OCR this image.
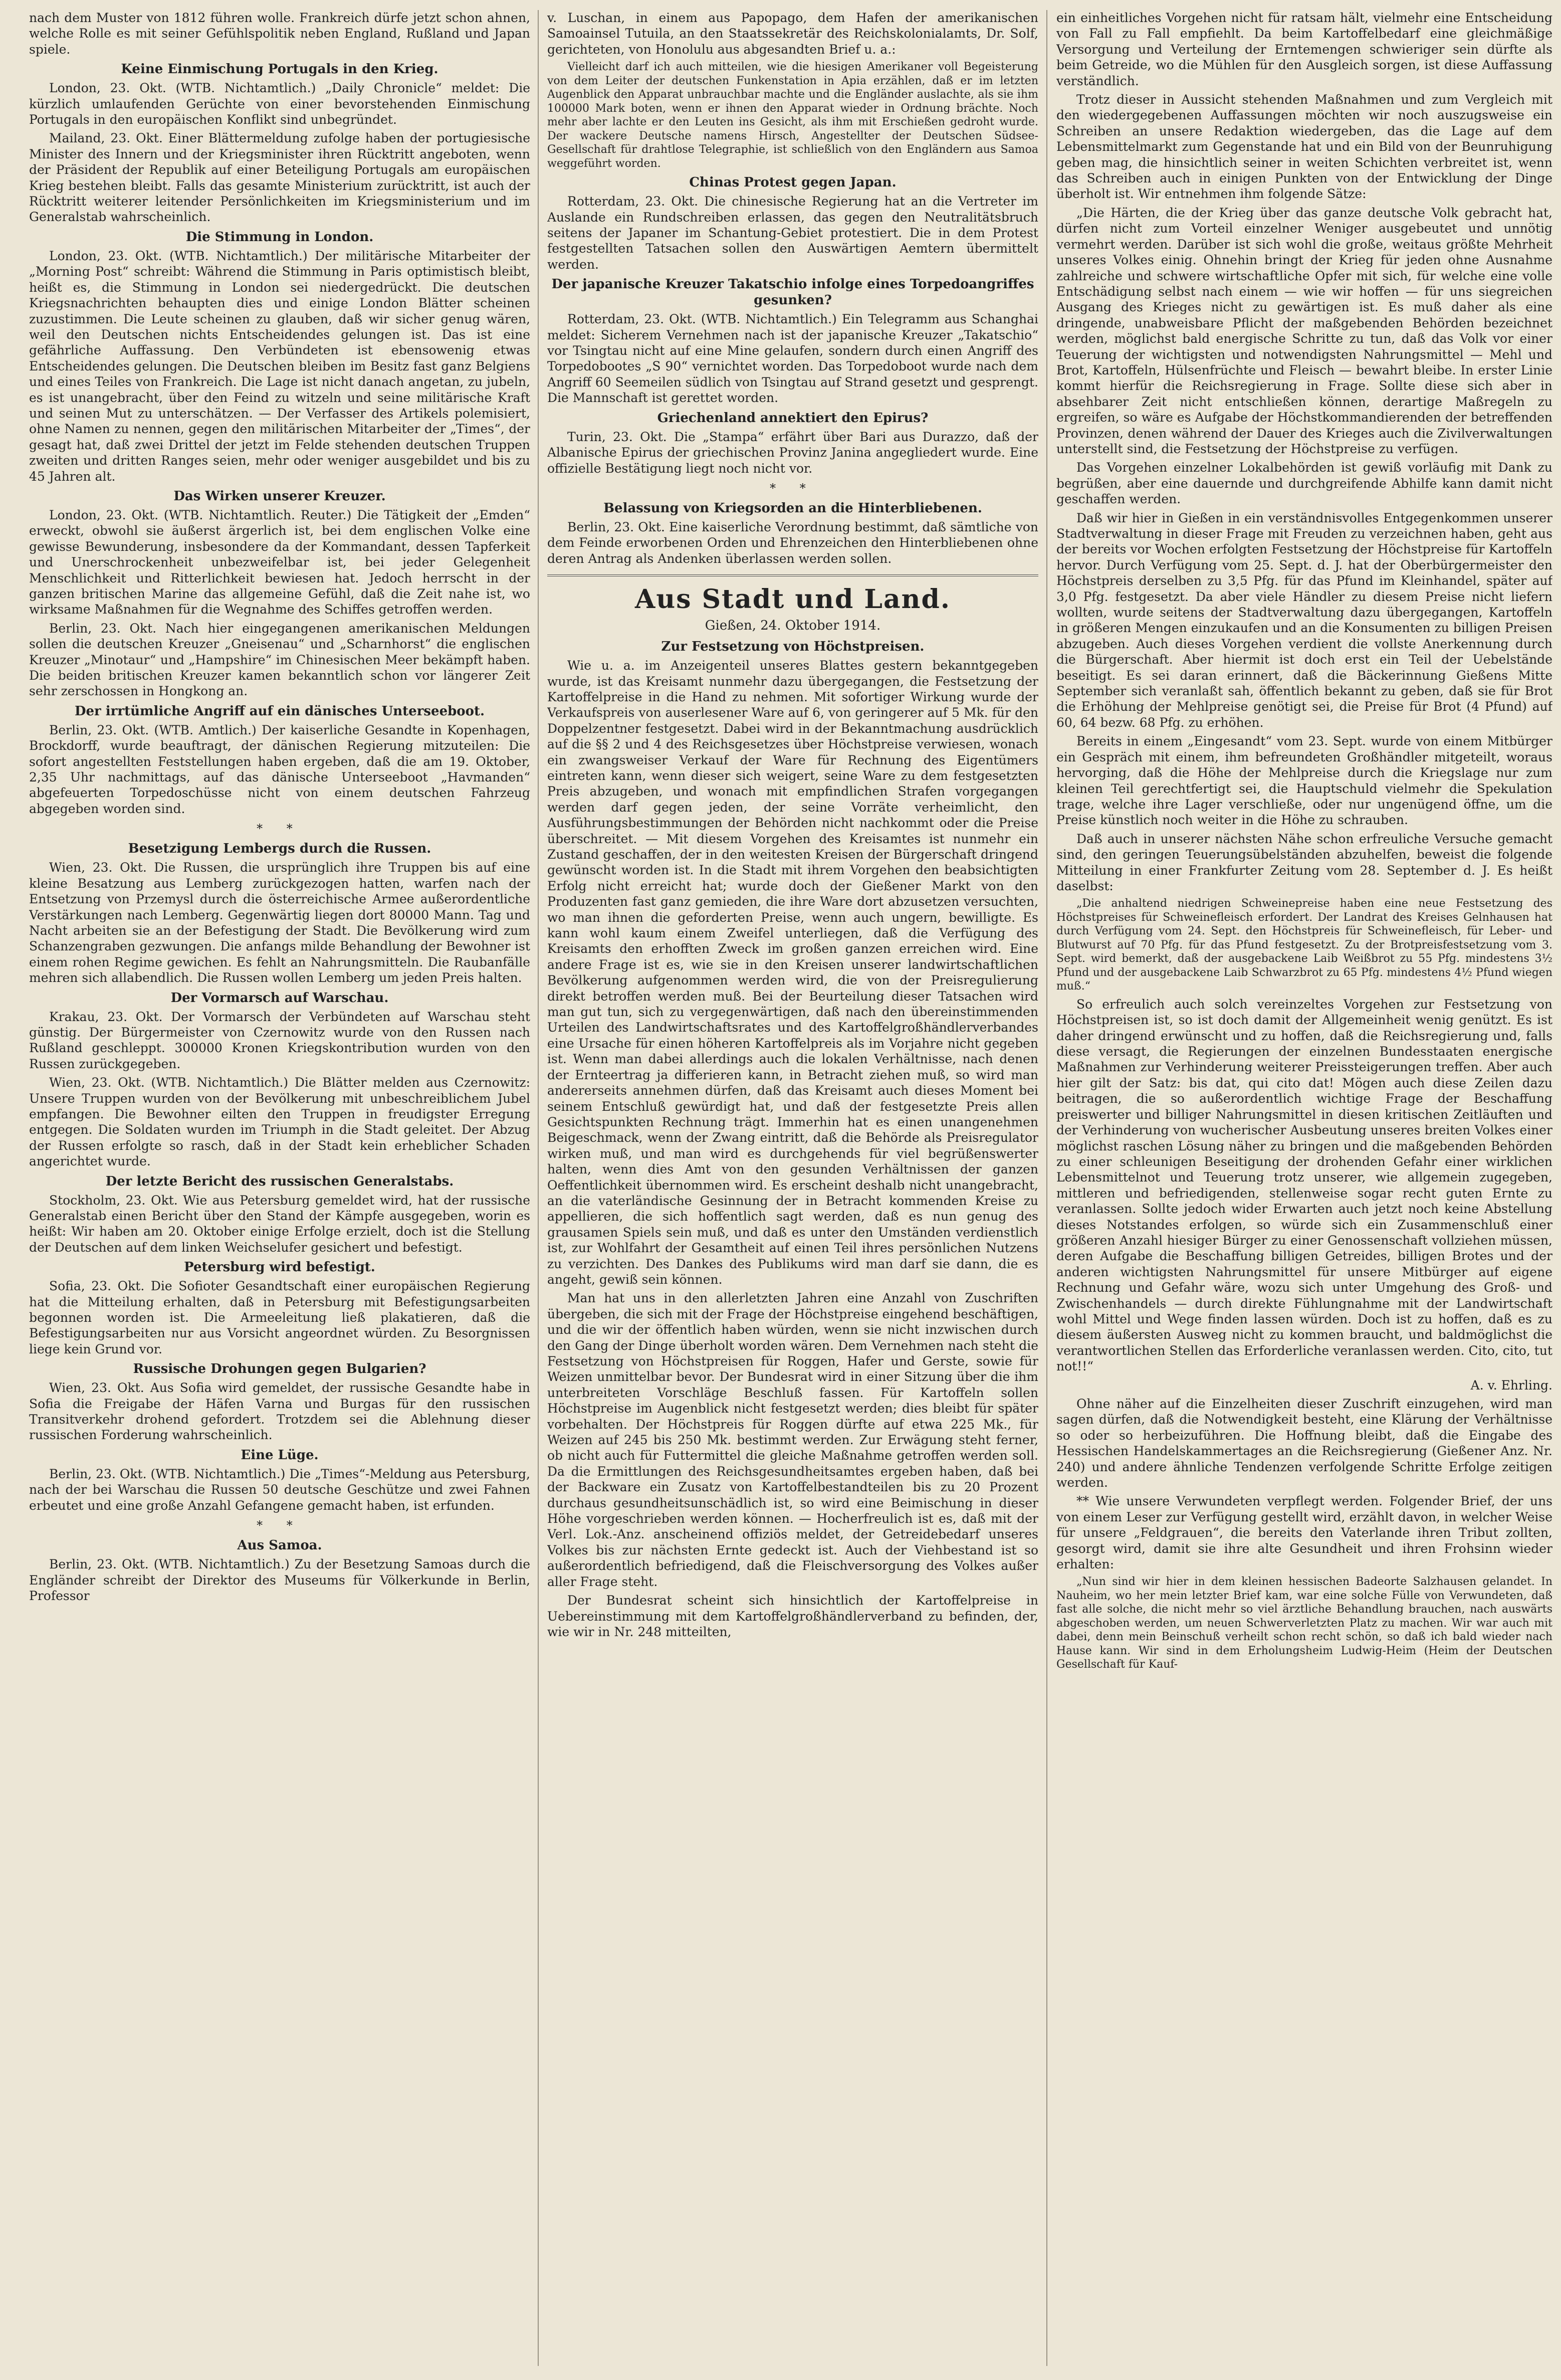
nach dem Muster von 1812 führen wolle. Frankreich dürfe jetzt schon ahnen, welche Rolle es mit seiner Gefühlspolitik neben England, Rußland und Japan spiele.

Keine Einmischung Portugals in den Krieg.

London, 23. Okt. (WTB. Nichtamtlich.) „Daily Chronicle“ meldet: Die kürzlich umlaufenden Gerüchte von einer bevorstehenden Einmischung Portugals in den europäischen Konflikt sind unbegründet.

Mailand, 23. Okt. Einer Blättermeldung zufolge haben der portugiesische Minister des Innern und der Kriegsminister ihren Rücktritt angeboten, wenn der Präsident der Republik auf einer Beteiligung Portugals am europäischen Krieg bestehen bleibt. Falls das gesamte Ministerium zurücktritt, ist auch der Rücktritt weiterer leitender Persönlichkeiten im Kriegsministerium und im Generalstab wahrscheinlich.

Die Stimmung in London.

London, 23. Okt. (WTB. Nichtamtlich.) Der militärische Mitarbeiter der „Morning Post“ schreibt: Während die Stimmung in Paris optimistisch bleibt, heißt es, die Stimmung in London sei niedergedrückt. Die deutschen Kriegsnachrichten behaupten dies und einige London Blätter scheinen zuzustimmen. Die Leute scheinen zu glauben, daß wir sicher genug wären, weil den Deutschen nichts Entscheidendes gelungen ist. Das ist eine gefährliche Auffassung. Den Verbündeten ist ebensowenig etwas Entscheidendes gelungen. Die Deutschen bleiben im Besitz fast ganz Belgiens und eines Teiles von Frankreich. Die Lage ist nicht danach angetan, zu jubeln, es ist unangebracht, über den Feind zu witzeln und seine militärische Kraft und seinen Mut zu unterschätzen. — Der Verfasser des Artikels polemisiert, ohne Namen zu nennen, gegen den militärischen Mitarbeiter der „Times“, der gesagt hat, daß zwei Drittel der jetzt im Felde stehenden deutschen Truppen zweiten und dritten Ranges seien, mehr oder weniger ausgebildet und bis zu 45 Jahren alt.

Das Wirken unserer Kreuzer.

London, 23. Okt. (WTB. Nichtamtlich. Reuter.) Die Tätigkeit der „Emden“ erweckt, obwohl sie äußerst ärgerlich ist, bei dem englischen Volke eine gewisse Bewunderung, insbesondere da der Kommandant, dessen Tapferkeit und Unerschrockenheit unbezweifelbar ist, bei jeder Gelegenheit Menschlichkeit und Ritterlichkeit bewiesen hat. Jedoch herrscht in der ganzen britischen Marine das allgemeine Gefühl, daß die Zeit nahe ist, wo wirksame Maßnahmen für die Wegnahme des Schiffes getroffen werden.

Berlin, 23. Okt. Nach hier eingegangenen amerikanischen Meldungen sollen die deutschen Kreuzer „Gneisenau“ und „Scharnhorst“ die englischen Kreuzer „Minotaur“ und „Hampshire“ im Chinesischen Meer bekämpft haben. Die beiden britischen Kreuzer kamen bekanntlich schon vor längerer Zeit sehr zerschossen in Hongkong an.

Der irrtümliche Angriff auf ein dänisches Unterseeboot.

Berlin, 23. Okt. (WTB. Amtlich.) Der kaiserliche Gesandte in Kopenhagen, Brockdorff, wurde beauftragt, der dänischen Regierung mitzuteilen: Die sofort angestellten Feststellungen haben ergeben, daß die am 19. Oktober, 2,35 Uhr nachmittags, auf das dänische Unterseeboot „Havmanden“ abgefeuerten Torpedoschüsse nicht von einem deutschen Fahrzeug abgegeben worden sind.

* *
Besetzigung Lembergs durch die Russen.

Wien, 23. Okt. Die Russen, die ursprünglich ihre Truppen bis auf eine kleine Besatzung aus Lemberg zurückgezogen hatten, warfen nach der Entsetzung von Przemysl durch die österreichische Armee außerordentliche Verstärkungen nach Lemberg. Gegenwärtig liegen dort 80000 Mann. Tag und Nacht arbeiten sie an der Befestigung der Stadt. Die Bevölkerung wird zum Schanzengraben gezwungen. Die anfangs milde Behandlung der Bewohner ist einem rohen Regime gewichen. Es fehlt an Nahrungsmitteln. Die Raubanfälle mehren sich allabendlich. Die Russen wollen Lemberg um jeden Preis halten.

Der Vormarsch auf Warschau.

Krakau, 23. Okt. Der Vormarsch der Verbündeten auf Warschau steht günstig. Der Bürgermeister von Czernowitz wurde von den Russen nach Rußland geschleppt. 300000 Kronen Kriegskontribution wurden von den Russen zurückgegeben.

Wien, 23. Okt. (WTB. Nichtamtlich.) Die Blätter melden aus Czernowitz: Unsere Truppen wurden von der Bevölkerung mit unbeschreiblichem Jubel empfangen. Die Bewohner eilten den Truppen in freudigster Erregung entgegen. Die Soldaten wurden im Triumph in die Stadt geleitet. Der Abzug der Russen erfolgte so rasch, daß in der Stadt kein erheblicher Schaden angerichtet wurde.

Der letzte Bericht des russischen Generalstabs.

Stockholm, 23. Okt. Wie aus Petersburg gemeldet wird, hat der russische Generalstab einen Bericht über den Stand der Kämpfe ausgegeben, worin es heißt: Wir haben am 20. Oktober einige Erfolge erzielt, doch ist die Stellung der Deutschen auf dem linken Weichselufer gesichert und befestigt.

Petersburg wird befestigt.

Sofia, 23. Okt. Die Sofioter Gesandtschaft einer europäischen Regierung hat die Mitteilung erhalten, daß in Petersburg mit Befestigungsarbeiten begonnen worden ist. Die Armeeleitung ließ plakatieren, daß die Befestigungsarbeiten nur aus Vorsicht angeordnet würden. Zu Besorgnissen liege kein Grund vor.

Russische Drohungen gegen Bulgarien?

Wien, 23. Okt. Aus Sofia wird gemeldet, der russische Gesandte habe in Sofia die Freigabe der Häfen Varna und Burgas für den russischen Transitverkehr drohend gefordert. Trotzdem sei die Ablehnung dieser russischen Forderung wahrscheinlich.

Eine Lüge.

Berlin, 23. Okt. (WTB. Nichtamtlich.) Die „Times“-Meldung aus Petersburg, nach der bei Warschau die Russen 50 deutsche Geschütze und zwei Fahnen erbeutet und eine große Anzahl Gefangene gemacht haben, ist erfunden.

* *
Aus Samoa.

Berlin, 23. Okt. (WTB. Nichtamtlich.) Zu der Besetzung Samoas durch die Engländer schreibt der Direktor des Museums für Völkerkunde in Berlin, Professor

v. Luschan, in einem aus Papopago, dem Hafen der amerikanischen Samoainsel Tutuila, an den Staatssekretär des Reichskolonialamts, Dr. Solf, gerichteten, von Honolulu aus abgesandten Brief u. a.:

Vielleicht darf ich auch mitteilen, wie die hiesigen Amerikaner voll Begeisterung von dem Leiter der deutschen Funkenstation in Apia erzählen, daß er im letzten Augenblick den Apparat unbrauchbar machte und die Engländer auslachte, als sie ihm 100000 Mark boten, wenn er ihnen den Apparat wieder in Ordnung brächte. Noch mehr aber lachte er den Leuten ins Gesicht, als ihm mit Erschießen gedroht wurde. Der wackere Deutsche namens Hirsch, Angestellter der Deutschen Südsee-Gesellschaft für drahtlose Telegraphie, ist schließlich von den Engländern aus Samoa weggeführt worden.

Chinas Protest gegen Japan.

Rotterdam, 23. Okt. Die chinesische Regierung hat an die Vertreter im Auslande ein Rundschreiben erlassen, das gegen den Neutralitätsbruch seitens der Japaner im Schantung-Gebiet protestiert. Die in dem Protest festgestellten Tatsachen sollen den Auswärtigen Aemtern übermittelt werden.

Der japanische Kreuzer Takatschio infolge eines Torpedoangriffes gesunken?

Rotterdam, 23. Okt. (WTB. Nichtamtlich.) Ein Telegramm aus Schanghai meldet: Sicherem Vernehmen nach ist der japanische Kreuzer „Takatschio“ vor Tsingtau nicht auf eine Mine gelaufen, sondern durch einen Angriff des Torpedobootes „S 90“ vernichtet worden. Das Torpedoboot wurde nach dem Angriff 60 Seemeilen südlich von Tsingtau auf Strand gesetzt und gesprengt. Die Mannschaft ist gerettet worden.

Griechenland annektiert den Epirus?

Turin, 23. Okt. Die „Stampa“ erfährt über Bari aus Durazzo, daß der Albanische Epirus der griechischen Provinz Janina angegliedert wurde. Eine offizielle Bestätigung liegt noch nicht vor.

* *
Belassung von Kriegsorden an die Hinterbliebenen.

Berlin, 23. Okt. Eine kaiserliche Verordnung bestimmt, daß sämtliche von dem Feinde erworbenen Orden und Ehrenzeichen den Hinterbliebenen ohne deren Antrag als Andenken überlassen werden sollen.

Aus Stadt und Land.
Gießen, 24. Oktober 1914.
Zur Festsetzung von Höchstpreisen.

Wie u. a. im Anzeigenteil unseres Blattes gestern bekanntgegeben wurde, ist das Kreisamt nunmehr dazu übergegangen, die Festsetzung der Kartoffelpreise in die Hand zu nehmen. Mit sofortiger Wirkung wurde der Verkaufspreis von auserlesener Ware auf 6, von geringerer auf 5 Mk. für den Doppelzentner festgesetzt. Dabei wird in der Bekanntmachung ausdrücklich auf die §§ 2 und 4 des Reichsgesetzes über Höchstpreise verwiesen, wonach ein zwangsweiser Verkauf der Ware für Rechnung des Eigentümers eintreten kann, wenn dieser sich weigert, seine Ware zu dem festgesetzten Preis abzugeben, und wonach mit empfindlichen Strafen vorgegangen werden darf gegen jeden, der seine Vorräte verheimlicht, den Ausführungsbestimmungen der Behörden nicht nachkommt oder die Preise überschreitet. — Mit diesem Vorgehen des Kreisamtes ist nunmehr ein Zustand geschaffen, der in den weitesten Kreisen der Bürgerschaft dringend gewünscht worden ist. In die Stadt mit ihrem Vorgehen den beabsichtigten Erfolg nicht erreicht hat; wurde doch der Gießener Markt von den Produzenten fast ganz gemieden, die ihre Ware dort abzusetzen versuchten, wo man ihnen die geforderten Preise, wenn auch ungern, bewilligte. Es kann wohl kaum einem Zweifel unterliegen, daß die Verfügung des Kreisamts den erhofften Zweck im großen ganzen erreichen wird. Eine andere Frage ist es, wie sie in den Kreisen unserer landwirtschaftlichen Bevölkerung aufgenommen werden wird, die von der Preisregulierung direkt betroffen werden muß. Bei der Beurteilung dieser Tatsachen wird man gut tun, sich zu vergegenwärtigen, daß nach den übereinstimmenden Urteilen des Landwirtschaftsrates und des Kartoffelgroßhändlerverbandes eine Ursache für einen höheren Kartoffelpreis als im Vorjahre nicht gegeben ist. Wenn man dabei allerdings auch die lokalen Verhältnisse, nach denen der Ernteertrag ja differieren kann, in Betracht ziehen muß, so wird man andererseits annehmen dürfen, daß das Kreisamt auch dieses Moment bei seinem Entschluß gewürdigt hat, und daß der festgesetzte Preis allen Gesichtspunkten Rechnung trägt. Immerhin hat es einen unangenehmen Beigeschmack, wenn der Zwang eintritt, daß die Behörde als Preisregulator wirken muß, und man wird es durchgehends für viel begrüßenswerter halten, wenn dies Amt von den gesunden Verhältnissen der ganzen Oeffentlichkeit übernommen wird. Es erscheint deshalb nicht unangebracht, an die vaterländische Gesinnung der in Betracht kommenden Kreise zu appellieren, die sich hoffentlich sagt werden, daß es nun genug des grausamen Spiels sein muß, und daß es unter den Umständen verdienstlich ist, zur Wohlfahrt der Gesamtheit auf einen Teil ihres persönlichen Nutzens zu verzichten. Des Dankes des Publikums wird man darf sie dann, die es angeht, gewiß sein können.

Man hat uns in den allerletzten Jahren eine Anzahl von Zuschriften übergeben, die sich mit der Frage der Höchstpreise eingehend beschäftigen, und die wir der öffentlich haben würden, wenn sie nicht inzwischen durch den Gang der Dinge überholt worden wären. Dem Vernehmen nach steht die Festsetzung von Höchstpreisen für Roggen, Hafer und Gerste, sowie für Weizen unmittelbar bevor. Der Bundesrat wird in einer Sitzung über die ihm unterbreiteten Vorschläge Beschluß fassen. Für Kartoffeln sollen Höchstpreise im Augenblick nicht festgesetzt werden; dies bleibt für später vorbehalten. Der Höchstpreis für Roggen dürfte auf etwa 225 Mk., für Weizen auf 245 bis 250 Mk. bestimmt werden. Zur Erwägung steht ferner, ob nicht auch für Futtermittel die gleiche Maßnahme getroffen werden soll. Da die Ermittlungen des Reichsgesundheitsamtes ergeben haben, daß bei der Backware ein Zusatz von Kartoffelbestandteilen bis zu 20 Prozent durchaus gesundheitsunschädlich ist, so wird eine Beimischung in dieser Höhe vorgeschrieben werden können. — Hocherfreulich ist es, daß mit der Verl. Lok.-Anz. anscheinend offiziös meldet, der Getreidebedarf unseres Volkes bis zur nächsten Ernte gedeckt ist. Auch der Viehbestand ist so außerordentlich befriedigend, daß die Fleischversorgung des Volkes außer aller Frage steht.

Der Bundesrat scheint sich hinsichtlich der Kartoffelpreise in Uebereinstimmung mit dem Kartoffelgroßhändlerverband zu befinden, der, wie wir in Nr. 248 mitteilten,

ein einheitliches Vorgehen nicht für ratsam hält, vielmehr eine Entscheidung von Fall zu Fall empfiehlt. Da beim Kartoffelbedarf eine gleichmäßige Versorgung und Verteilung der Erntemengen schwieriger sein dürfte als beim Getreide, wo die Mühlen für den Ausgleich sorgen, ist diese Auffassung verständlich.

Trotz dieser in Aussicht stehenden Maßnahmen und zum Vergleich mit den wiedergegebenen Auffassungen möchten wir noch auszugsweise ein Schreiben an unsere Redaktion wiedergeben, das die Lage auf dem Lebensmittelmarkt zum Gegenstande hat und ein Bild von der Beunruhigung geben mag, die hinsichtlich seiner in weiten Schichten verbreitet ist, wenn das Schreiben auch in einigen Punkten von der Entwicklung der Dinge überholt ist. Wir entnehmen ihm folgende Sätze:

„Die Härten, die der Krieg über das ganze deutsche Volk gebracht hat, dürfen nicht zum Vorteil einzelner Weniger ausgebeutet und unnötig vermehrt werden. Darüber ist sich wohl die große, weitaus größte Mehrheit unseres Volkes einig. Ohnehin bringt der Krieg für jeden ohne Ausnahme zahlreiche und schwere wirtschaftliche Opfer mit sich, für welche eine volle Entschädigung selbst nach einem — wie wir hoffen — für uns siegreichen Ausgang des Krieges nicht zu gewärtigen ist. Es muß daher als eine dringende, unabweisbare Pflicht der maßgebenden Behörden bezeichnet werden, möglichst bald energische Schritte zu tun, daß das Volk vor einer Teuerung der wichtigsten und notwendigsten Nahrungsmittel — Mehl und Brot, Kartoffeln, Hülsenfrüchte und Fleisch — bewahrt bleibe. In erster Linie kommt hierfür die Reichsregierung in Frage. Sollte diese sich aber in absehbarer Zeit nicht entschließen können, derartige Maßregeln zu ergreifen, so wäre es Aufgabe der Höchstkommandierenden der betreffenden Provinzen, denen während der Dauer des Krieges auch die Zivilverwaltungen unterstellt sind, die Festsetzung der Höchstpreise zu verfügen.

Das Vorgehen einzelner Lokalbehörden ist gewiß vorläufig mit Dank zu begrüßen, aber eine dauernde und durchgreifende Abhilfe kann damit nicht geschaffen werden.

Daß wir hier in Gießen in ein verständnisvolles Entgegenkommen unserer Stadtverwaltung in dieser Frage mit Freuden zu verzeichnen haben, geht aus der bereits vor Wochen erfolgten Festsetzung der Höchstpreise für Kartoffeln hervor. Durch Verfügung vom 25. Sept. d. J. hat der Oberbürgermeister den Höchstpreis derselben zu 3,5 Pfg. für das Pfund im Kleinhandel, später auf 3,0 Pfg. festgesetzt. Da aber viele Händler zu diesem Preise nicht liefern wollten, wurde seitens der Stadtverwaltung dazu übergegangen, Kartoffeln in größeren Mengen einzukaufen und an die Konsumenten zu billigen Preisen abzugeben. Auch dieses Vorgehen verdient die vollste Anerkennung durch die Bürgerschaft. Aber hiermit ist doch erst ein Teil der Uebelstände beseitigt. Es sei daran erinnert, daß die Bäckerinnung Gießens Mitte September sich veranlaßt sah, öffentlich bekannt zu geben, daß sie für Brot die Erhöhung der Mehlpreise genötigt sei, die Preise für Brot (4 Pfund) auf 60, 64 bezw. 68 Pfg. zu erhöhen.

Bereits in einem „Eingesandt“ vom 23. Sept. wurde von einem Mitbürger ein Gespräch mit einem, ihm befreundeten Großhändler mitgeteilt, woraus hervorging, daß die Höhe der Mehlpreise durch die Kriegslage nur zum kleinen Teil gerechtfertigt sei, die Hauptschuld vielmehr die Spekulation trage, welche ihre Lager verschließe, oder nur ungenügend öffne, um die Preise künstlich noch weiter in die Höhe zu schrauben.

Daß auch in unserer nächsten Nähe schon erfreuliche Versuche gemacht sind, den geringen Teuerungsübelständen abzuhelfen, beweist die folgende Mitteilung in einer Frankfurter Zeitung vom 28. September d. J. Es heißt daselbst:

„Die anhaltend niedrigen Schweinepreise haben eine neue Festsetzung des Höchstpreises für Schweinefleisch erfordert. Der Landrat des Kreises Gelnhausen hat durch Verfügung vom 24. Sept. den Höchstpreis für Schweinefleisch, für Leber- und Blutwurst auf 70 Pfg. für das Pfund festgesetzt. Zu der Brotpreisfestsetzung vom 3. Sept. wird bemerkt, daß der ausgebackene Laib Weißbrot zu 55 Pfg. mindestens 3½ Pfund und der ausgebackene Laib Schwarzbrot zu 65 Pfg. mindestens 4½ Pfund wiegen muß.“

So erfreulich auch solch vereinzeltes Vorgehen zur Festsetzung von Höchstpreisen ist, so ist doch damit der Allgemeinheit wenig genützt. Es ist daher dringend erwünscht und zu hoffen, daß die Reichsregierung und, falls diese versagt, die Regierungen der einzelnen Bundesstaaten energische Maßnahmen zur Verhinderung weiterer Preissteigerungen treffen. Aber auch hier gilt der Satz: bis dat, qui cito dat! Mögen auch diese Zeilen dazu beitragen, die so außerordentlich wichtige Frage der Beschaffung preiswerter und billiger Nahrungsmittel in diesen kritischen Zeitläuften und der Verhinderung von wucherischer Ausbeutung unseres breiten Volkes einer möglichst raschen Lösung näher zu bringen und die maßgebenden Behörden zu einer schleunigen Beseitigung der drohenden Gefahr einer wirklichen Lebensmittelnot und Teuerung trotz unserer, wie allgemein zugegeben, mittleren und befriedigenden, stellenweise sogar recht guten Ernte zu veranlassen. Sollte jedoch wider Erwarten auch jetzt noch keine Abstellung dieses Notstandes erfolgen, so würde sich ein Zusammenschluß einer größeren Anzahl hiesiger Bürger zu einer Genossenschaft vollziehen müssen, deren Aufgabe die Beschaffung billigen Getreides, billigen Brotes und der anderen wichtigsten Nahrungsmittel für unsere Mitbürger auf eigene Rechnung und Gefahr wäre, wozu sich unter Umgehung des Groß- und Zwischenhandels — durch direkte Fühlungnahme mit der Landwirtschaft wohl Mittel und Wege finden lassen würden. Doch ist zu hoffen, daß es zu diesem äußersten Ausweg nicht zu kommen braucht, und baldmöglichst die verantwortlichen Stellen das Erforderliche veranlassen werden. Cito, cito, tut not!!“

A. v. Ehrling.

Ohne näher auf die Einzelheiten dieser Zuschrift einzugehen, wird man sagen dürfen, daß die Notwendigkeit besteht, eine Klärung der Verhältnisse so oder so herbeizuführen. Die Hoffnung bleibt, daß die Eingabe des Hessischen Handelskammertages an die Reichsregierung (Gießener Anz. Nr. 240) und andere ähnliche Tendenzen verfolgende Schritte Erfolge zeitigen werden.

** Wie unsere Verwundeten verpflegt werden. Folgender Brief, der uns von einem Leser zur Verfügung gestellt wird, erzählt davon, in welcher Weise für unsere „Feldgrauen“, die bereits den Vaterlande ihren Tribut zollten, gesorgt wird, damit sie ihre alte Gesundheit und ihren Frohsinn wieder erhalten:

„Nun sind wir hier in dem kleinen hessischen Badeorte Salzhausen gelandet. In Nauheim, wo her mein letzter Brief kam, war eine solche Fülle von Verwundeten, daß fast alle solche, die nicht mehr so viel ärztliche Behandlung brauchen, nach auswärts abgeschoben werden, um neuen Schwerverletzten Platz zu machen. Wir war auch mit dabei, denn mein Beinschuß verheilt schon recht schön, so daß ich bald wieder nach Hause kann. Wir sind in dem Erholungsheim Ludwig-Heim (Heim der Deutschen Gesellschaft für Kauf-
